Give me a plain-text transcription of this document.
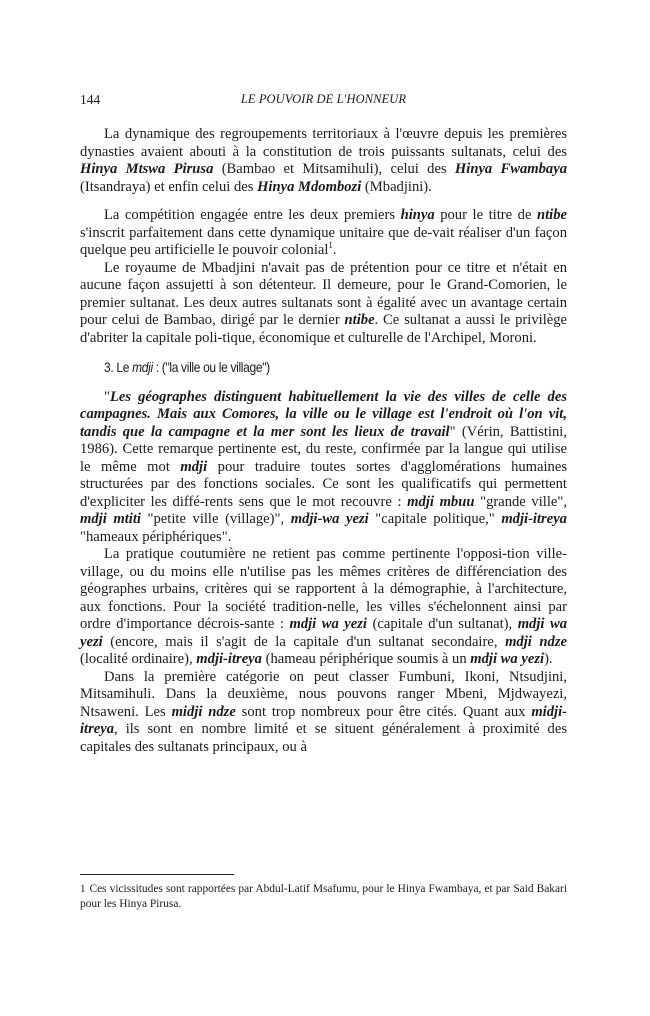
144	LE POUVOIR DE L'HONNEUR

La dynamique des regroupements territoriaux à l'œuvre depuis les premières dynasties avaient abouti à la constitution de trois puissants sultanats, celui des Hinya Mtswa Pirusa (Bambao et Mitsamihuli), celui des Hinya Fwambaya (Itsandraya) et enfin celui des Hinya Mdombozi (Mbadjini).

La compétition engagée entre les deux premiers hinya pour le titre de ntibe s'inscrit parfaitement dans cette dynamique unitaire que de-vait réaliser d'un façon quelque peu artificielle le pouvoir colonial$^1$.

Le royaume de Mbadjini n'avait pas de prétention pour ce titre et n'était en aucune façon assujetti à son détenteur. Il demeure, pour le Grand-Comorien, le premier sultanat. Les deux autres sultanats sont à égalité avec un avantage certain pour celui de Bambao, dirigé par le dernier ntibe. Ce sultanat a aussi le privilège d'abriter la capitale poli-tique, économique et culturelle de l'Archipel, Moroni.

3. Le mdji : ("la ville ou le village")

"Les géographes distinguent habituellement la vie des villes de celle des campagnes. Mais aux Comores, la ville ou le village est l'endroit où l'on vit, tandis que la campagne et la mer sont les lieux de travail" (Vérin, Battistini, 1986). Cette remarque pertinente est, du reste, confirmée par la langue qui utilise le même mot mdji pour traduire toutes sortes d'agglomérations humaines structurées par des fonctions sociales. Ce sont les qualificatifs qui permettent d'expliciter les diffé-rents sens que le mot recouvre : mdji mbuu "grande ville", mdji mtiti "petite ville (village)", mdji-wa yezi "capitale politique," mdji-itreya "hameaux périphériques".

La pratique coutumière ne retient pas comme pertinente l'opposi-tion ville-village, ou du moins elle n'utilise pas les mêmes critères de différenciation des géographes urbains, critères qui se rapportent à la démographie, à l'architecture, aux fonctions. Pour la société tradition-nelle, les villes s'échelonnent ainsi par ordre d'importance décrois-sante : mdji wa yezi (capitale d'un sultanat), mdji wa yezi (encore, mais il s'agit de la capitale d'un sultanat secondaire, mdji ndze (localité ordinaire), mdji-itreya (hameau périphérique soumis à un mdji wa yezi).

Dans la première catégorie on peut classer Fumbuni, Ikoni, Ntsudjini, Mitsamihuli. Dans la deuxième, nous pouvons ranger Mbeni, Mjdwayezi, Ntsaweni. Les midji ndze sont trop nombreux pour être cités. Quant aux midji-itreya, ils sont en nombre limité et se situent généralement à proximité des capitales des sultanats principaux, ou à

1 Ces vicissitudes sont rapportées par Abdul-Latif Msafumu, pour le Hinya Fwambaya, et par Said Bakari pour les Hinya Pirusa.
